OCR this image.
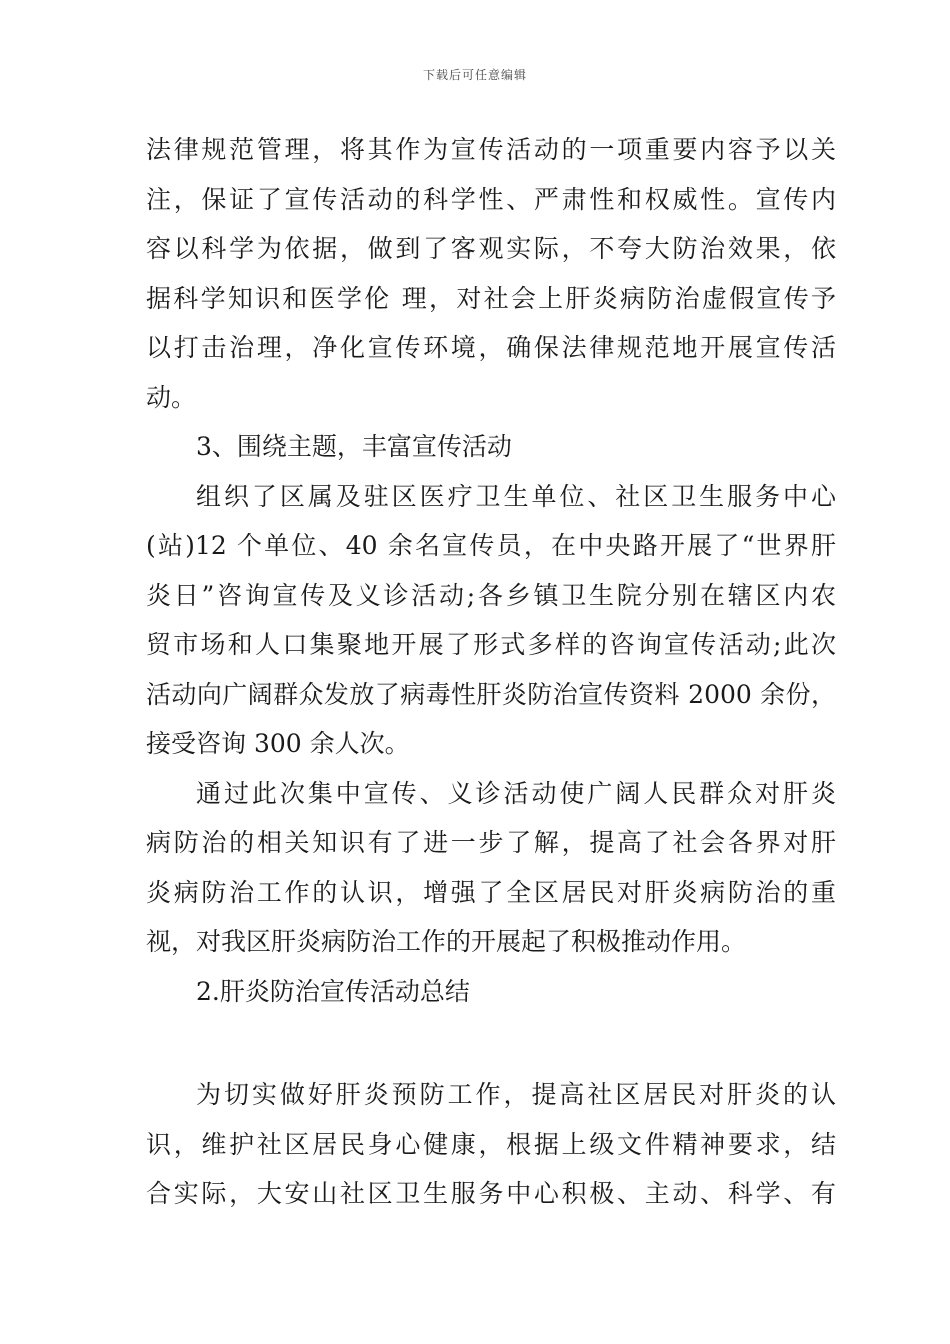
下载后可任意编辑
法律规范管理，将其作为宣传活动的一项重要内容予以关
注，保证了宣传活动的科学性、严肃性和权威性。宣传内
容以科学为依据，做到了客观实际，不夸大防治效果，依
据科学知识和医学伦 理，对社会上肝炎病防治虚假宣传予
以打击治理，净化宣传环境，确保法律规范地开展宣传活
动。
3、围绕主题，丰富宣传活动
组织了区属及驻区医疗卫生单位、社区卫生服务中心
(站)12 个单位、40 余名宣传员，在中央路开展了“世界肝
炎日”咨询宣传及义诊活动;各乡镇卫生院分别在辖区内农
贸市场和人口集聚地开展了形式多样的咨询宣传活动;此次
活动向广阔群众发放了病毒性肝炎防治宣传资料 2000 余份，
接受咨询 300 余人次。
通过此次集中宣传、义诊活动使广阔人民群众对肝炎
病防治的相关知识有了进一步了解，提高了社会各界对肝
炎病防治工作的认识，增强了全区居民对肝炎病防治的重
视，对我区肝炎病防治工作的开展起了积极推动作用。
2.肝炎防治宣传活动总结
为切实做好肝炎预防工作，提高社区居民对肝炎的认
识，维护社区居民身心健康，根据上级文件精神要求，结
合实际，大安山社区卫生服务中心积极、主动、科学、有
